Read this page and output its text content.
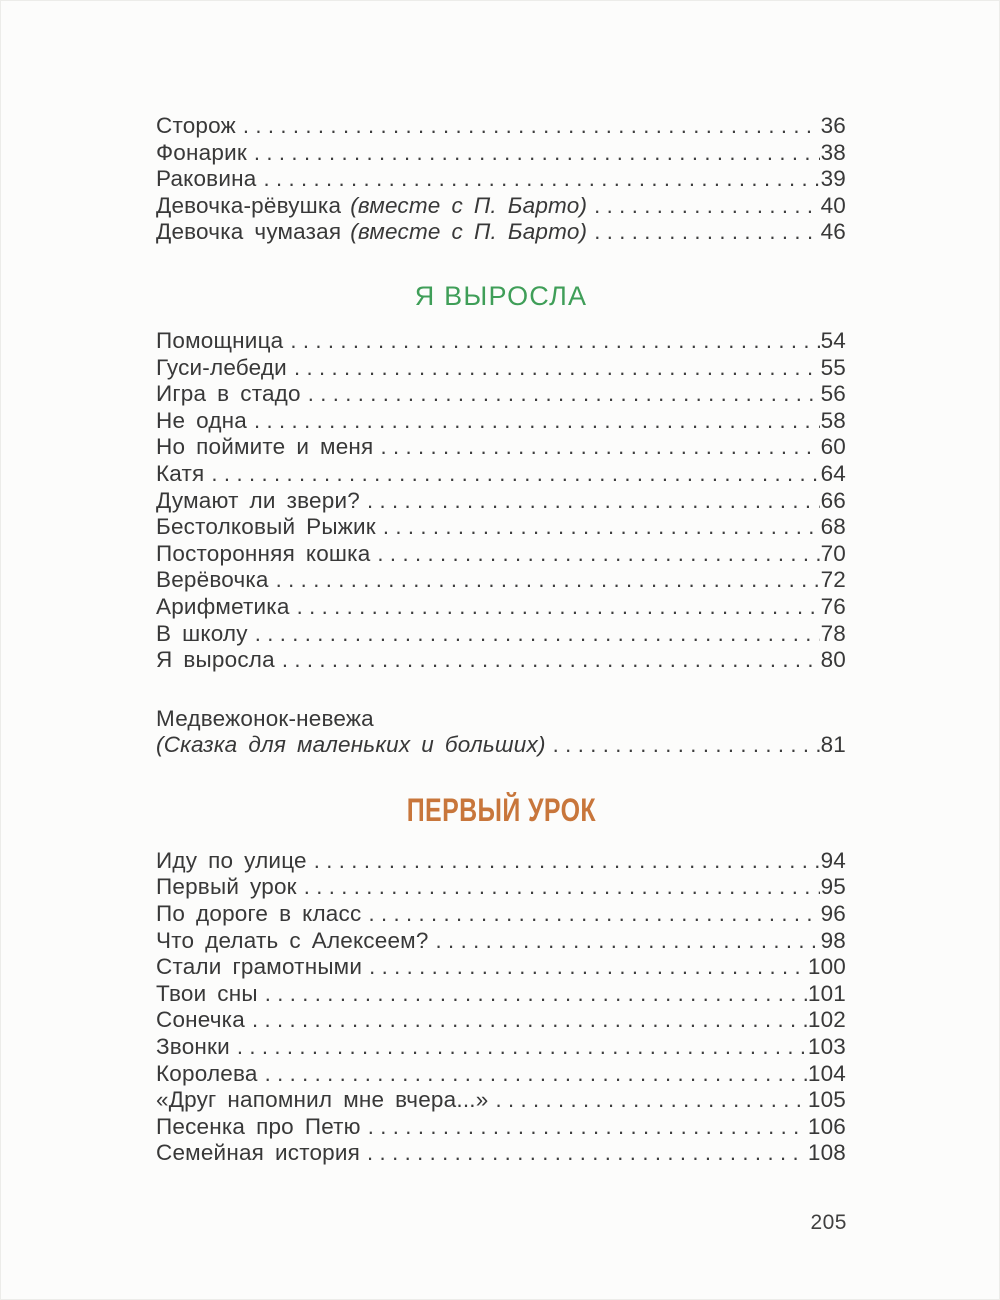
Сторож .....	36
Фонарик .....	38
Раковина .....	39
Девочка-рёвушка (вместе с П. Барто) .....	40
Девочка чумазая (вместе с П. Барто) .....	46
Я ВЫРОСЛА
Помощница .....	54
Гуси-лебеди .....	55
Игра в стадо .....	56
Не одна .....	58
Но поймите и меня .....	60
Катя .....	64
Думают ли звери? .....	66
Бестолковый Рыжик .....	68
Посторонняя кошка .....	70
Верёвочка .....	72
Арифметика .....	76
В школу .....	78
Я выросла .....	80
Медвежонок-невежа
(Сказка для маленьких и больших) .....	81
ПЕРВЫЙ УРОК
Иду по улице .....	94
Первый урок .....	95
По дороге в класс .....	96
Что делать с Алексеем? .....	98
Стали грамотными .....	100
Твои сны .....	101
Сонечка .....	102
Звонки .....	103
Королева .....	104
«Друг напомнил мне вчера...» .....	105
Песенка про Петю .....	106
Семейная история .....	108
205
